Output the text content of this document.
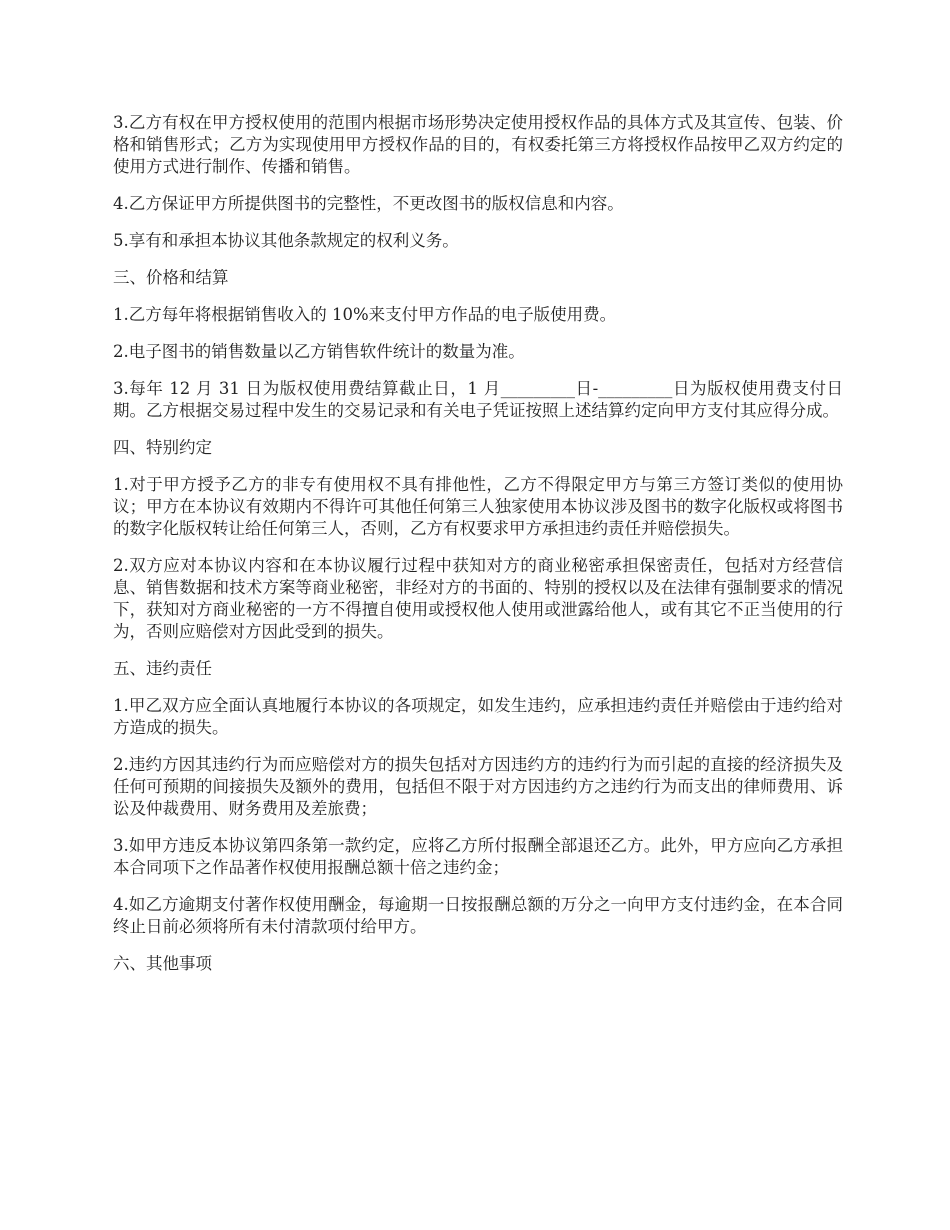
3.乙方有权在甲方授权使用的范围内根据市场形势决定使用授权作品的具体方式及其宣传、包装、价格和销售形式；乙方为实现使用甲方授权作品的目的，有权委托第三方将授权作品按甲乙双方约定的使用方式进行制作、传播和销售。

4.乙方保证甲方所提供图书的完整性，不更改图书的版权信息和内容。

5.享有和承担本协议其他条款规定的权利义务。

三、价格和结算

1.乙方每年将根据销售收入的 10%来支付甲方作品的电子版使用费。

2.电子图书的销售数量以乙方销售软件统计的数量为准。

3.每年 12 月 31 日为版权使用费结算截止日，1 月_________日-_________日为版权使用费支付日期。乙方根据交易过程中发生的交易记录和有关电子凭证按照上述结算约定向甲方支付其应得分成。

四、特别约定

1.对于甲方授予乙方的非专有使用权不具有排他性，乙方不得限定甲方与第三方签订类似的使用协议；甲方在本协议有效期内不得许可其他任何第三人独家使用本协议涉及图书的数字化版权或将图书的数字化版权转让给任何第三人，否则，乙方有权要求甲方承担违约责任并赔偿损失。

2.双方应对本协议内容和在本协议履行过程中获知对方的商业秘密承担保密责任，包括对方经营信息、销售数据和技术方案等商业秘密，非经对方的书面的、特别的授权以及在法律有强制要求的情况下，获知对方商业秘密的一方不得擅自使用或授权他人使用或泄露给他人，或有其它不正当使用的行为，否则应赔偿对方因此受到的损失。

五、违约责任

1.甲乙双方应全面认真地履行本协议的各项规定，如发生违约，应承担违约责任并赔偿由于违约给对方造成的损失。

2.违约方因其违约行为而应赔偿对方的损失包括对方因违约方的违约行为而引起的直接的经济损失及任何可预期的间接损失及额外的费用，包括但不限于对方因违约方之违约行为而支出的律师费用、诉讼及仲裁费用、财务费用及差旅费；

3.如甲方违反本协议第四条第一款约定，应将乙方所付报酬全部退还乙方。此外，甲方应向乙方承担本合同项下之作品著作权使用报酬总额十倍之违约金；

4.如乙方逾期支付著作权使用酬金，每逾期一日按报酬总额的万分之一向甲方支付违约金，在本合同终止日前必须将所有未付清款项付给甲方。

六、其他事项
